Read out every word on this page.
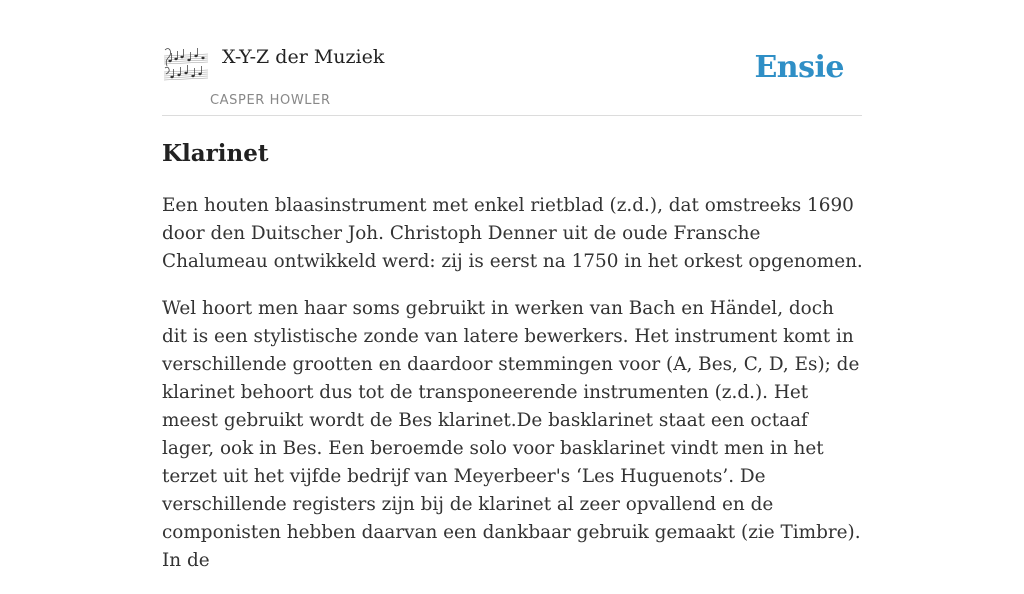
X-Y-Z der Muziek
CASPER HOWLER
Ensie
Klarinet

Een houten blaasinstrument met enkel rietblad (z.d.), dat omstreeks 1690 door den Duitscher Joh. Christoph Denner uit de oude Fransche Chalumeau ontwikkeld werd: zij is eerst na 1750 in het orkest opgenomen.

Wel hoort men haar soms gebruikt in werken van Bach en Händel, doch dit is een stylistische zonde van latere bewerkers. Het instrument komt in verschillende grootten en daardoor stemmingen voor (A, Bes, C, D, Es); de klarinet behoort dus tot de transponeerende instrumenten (z.d.). Het meest gebruikt wordt de Bes klarinet.De basklarinet staat een octaaf lager, ook in Bes. Een beroemde solo voor basklarinet vindt men in het terzet uit het vijfde bedrijf van Meyerbeer's ‘Les Huguenots’. De verschillende registers zijn bij de klarinet al zeer opvallend en de componisten hebben daarvan een dankbaar gebruik gemaakt (zie Timbre). In de
